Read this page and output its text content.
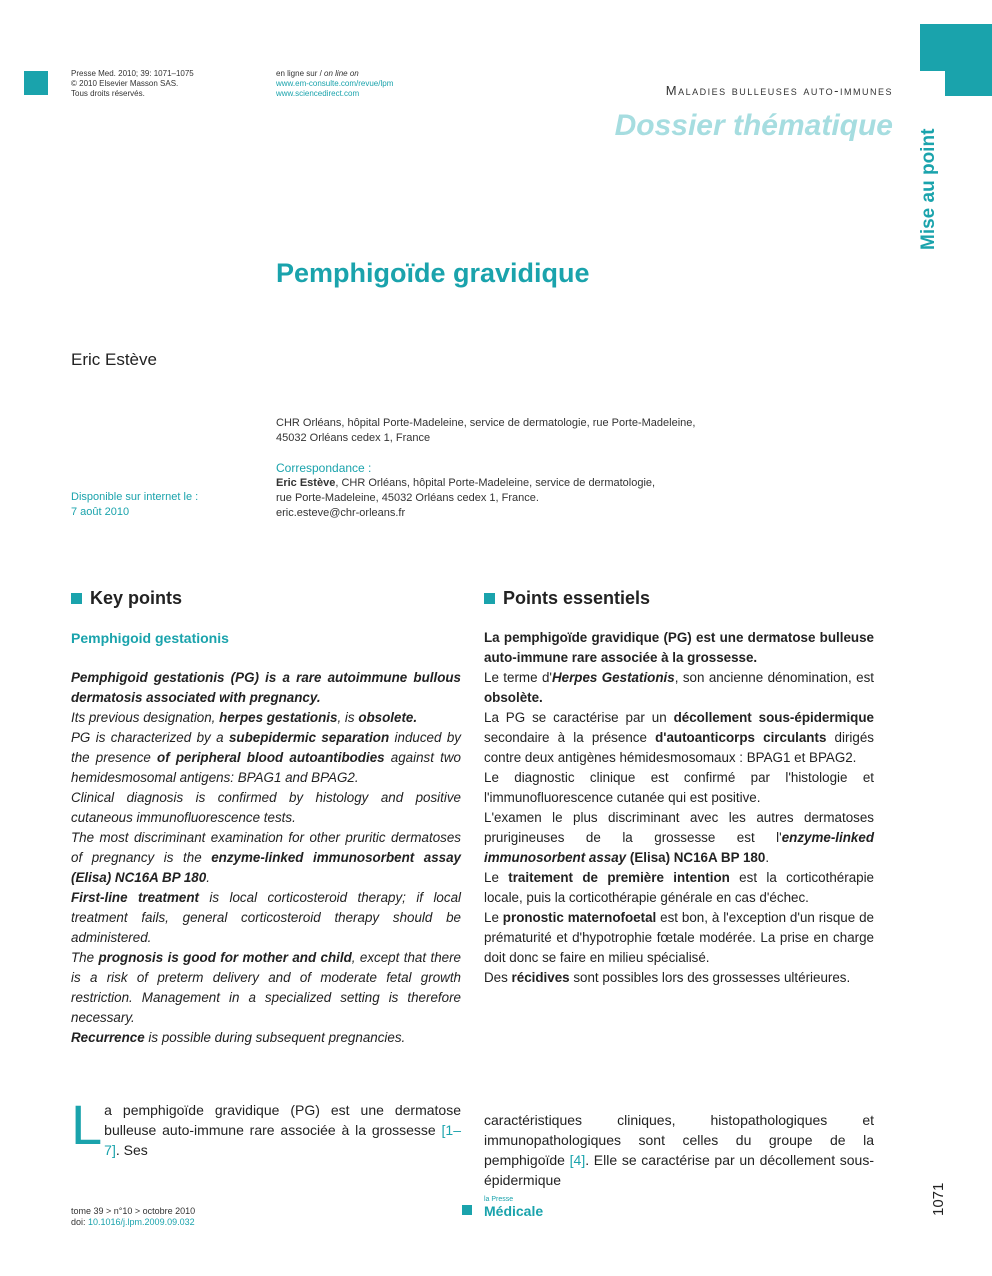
Presse Med. 2010; 39: 1071–1075
© 2010 Elsevier Masson SAS.
Tous droits réservés.
en ligne sur / on line on
www.em-consulte.com/revue/lpm
www.sciencedirect.com	Maladies bulleuses auto-immunes
Dossier thématique
Mise au point
Pemphigoïde gravidique
Eric Estève
CHR Orléans, hôpital Porte-Madeleine, service de dermatologie, rue Porte-Madeleine,
45032 Orléans cedex 1, France
Correspondance :
Eric Estève, CHR Orléans, hôpital Porte-Madeleine, service de dermatologie,
rue Porte-Madeleine, 45032 Orléans cedex 1, France.
eric.esteve@chr-orleans.fr
Disponible sur internet le :
7 août 2010
Key points
Pemphigoid gestationis

Pemphigoid gestationis (PG) is a rare autoimmune bullous dermatosis associated with pregnancy.

Its previous designation, herpes gestationis, is obsolete.

PG is characterized by a subepidermic separation induced by the presence of peripheral blood autoantibodies against two hemidesmosomal antigens: BPAG1 and BPAG2.

Clinical diagnosis is confirmed by histology and positive cutaneous immunofluorescence tests.

The most discriminant examination for other pruritic dermatoses of pregnancy is the enzyme-linked immunosorbent assay (Elisa) NC16A BP 180.

First-line treatment is local corticosteroid therapy; if local treatment fails, general corticosteroid therapy should be administered.

The prognosis is good for mother and child, except that there is a risk of preterm delivery and of moderate fetal growth restriction. Management in a specialized setting is therefore necessary.

Recurrence is possible during subsequent pregnancies.

Points essentiels

La pemphigoïde gravidique (PG) est une dermatose bulleuse auto-immune rare associée à la grossesse.

Le terme d'Herpes Gestationis, son ancienne dénomination, est obsolète.

La PG se caractérise par un décollement sous-épidermique secondaire à la présence d'autoanticorps circulants dirigés contre deux antigènes hémidesmosomaux : BPAG1 et BPAG2.

Le diagnostic clinique est confirmé par l'histologie et l'immunofluorescence cutanée qui est positive.

L'examen le plus discriminant avec les autres dermatoses prurigineuses de la grossesse est l'enzyme-linked immunosorbent assay (Elisa) NC16A BP 180.

Le traitement de première intention est la corticothérapie locale, puis la corticothérapie générale en cas d'échec.

Le pronostic maternofoetal est bon, à l'exception d'un risque de prématurité et d'hypotrophie fœtale modérée. La prise en charge doit donc se faire en milieu spécialisé.

Des récidives sont possibles lors des grossesses ultérieures.

La pemphigoïde gravidique (PG) est une dermatose bulleuse auto-immune rare associée à la grossesse [1–7]. Ses
caractéristiques cliniques, histopathologiques et immunopathologiques sont celles du groupe de la pemphigoïde [4]. Elle se caractérise par un décollement sous-épidermique
tome 39 > n°10 > octobre 2010
doi: 10.1016/j.lpm.2009.09.032
la Presse
Médicale	1071
